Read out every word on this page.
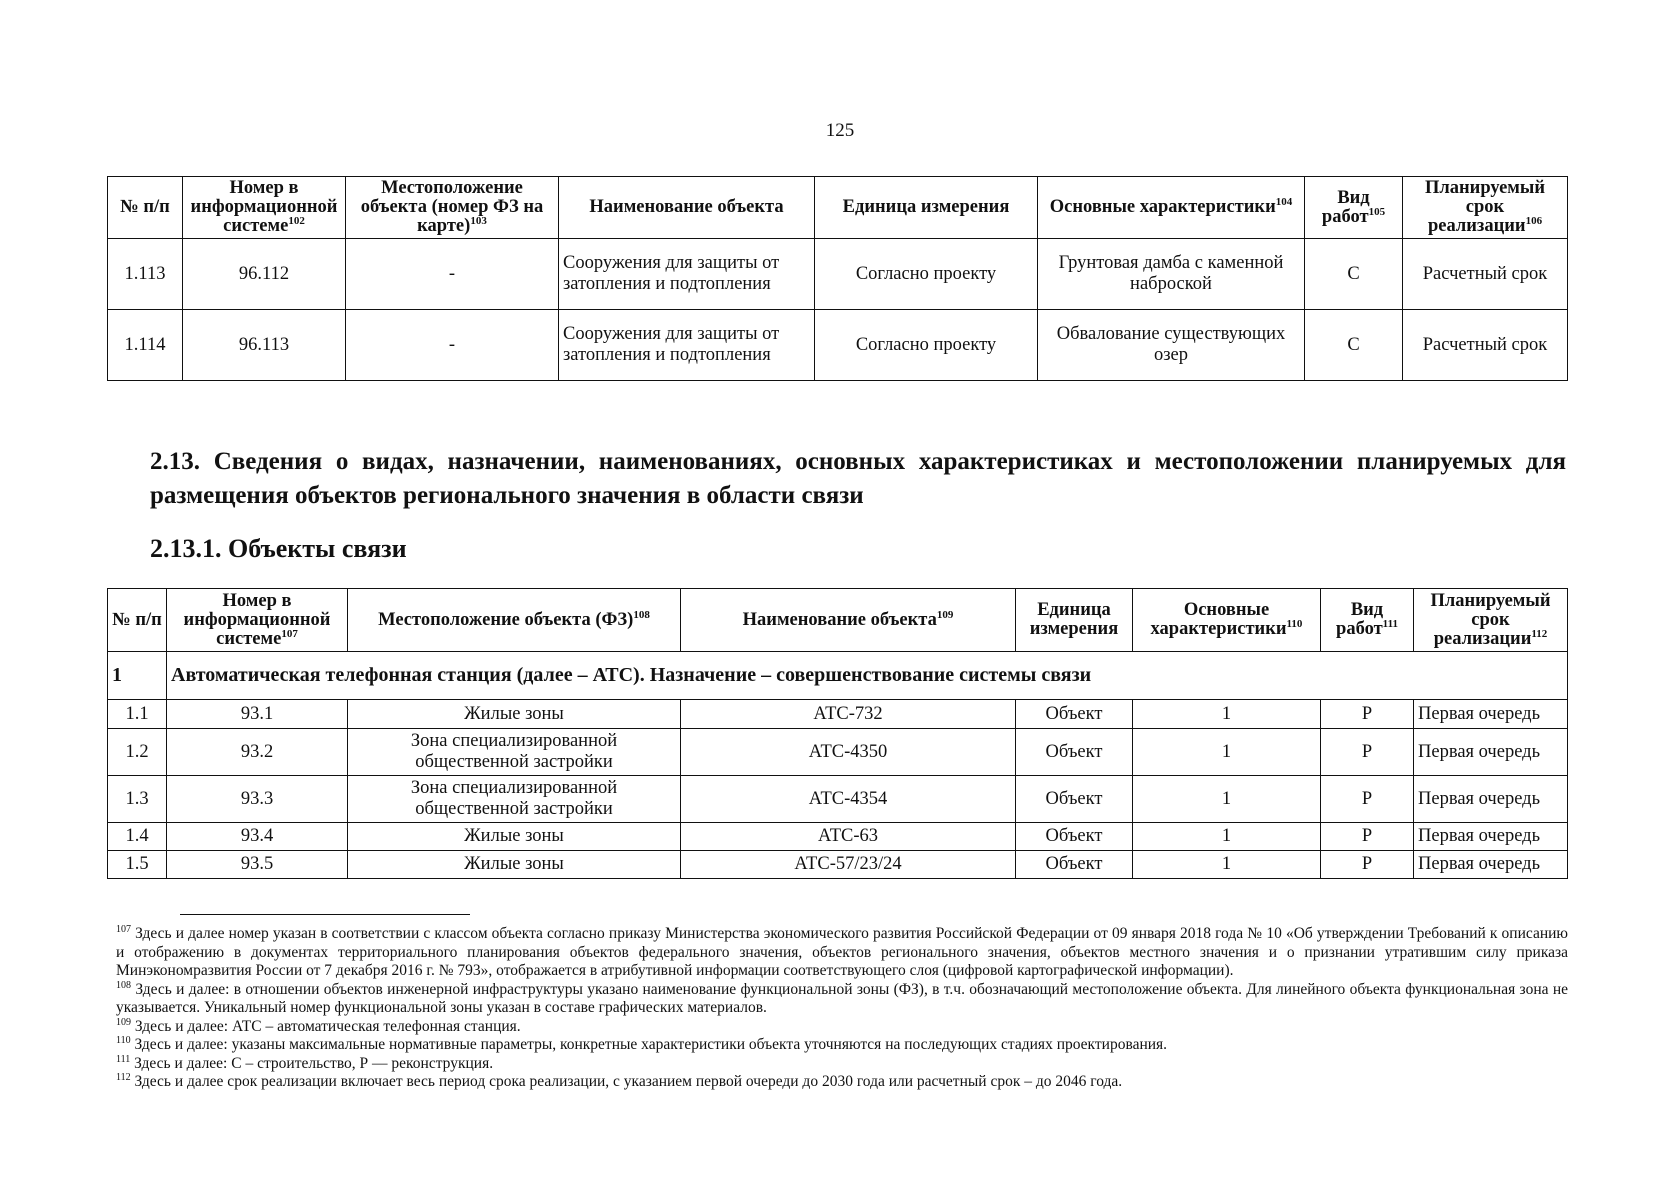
125
№ п/п	Номер в информационной системе$^{102}$	Местоположение объекта (номер ФЗ на карте)$^{103}$	Наименование объекта	Единица измерения	Основные характеристики$^{104}$	Вид работ$^{105}$	Планируемый срок реализации$^{106}$
1.113	96.112	-	Сооружения для защиты от затопления и подтопления	Согласно проекту	Грунтовая дамба с каменной наброской	С	Расчетный срок
1.114	96.113	-	Сооружения для защиты от затопления и подтопления	Согласно проекту	Обвалование существующих озер	С	Расчетный срок
2.13. Сведения о видах, назначении, наименованиях, основных характеристиках и местоположении планируемых для размещения объектов регионального значения в области связи
2.13.1. Объекты связи
№ п/п	Номер в информационной системе$^{107}$	Местоположение объекта (ФЗ)$^{108}$	Наименование объекта$^{109}$	Единица измерения	Основные характеристики$^{110}$	Вид работ$^{111}$	Планируемый срок реализации$^{112}$
1	Автоматическая телефонная станция (далее – АТС). Назначение – совершенствование системы связи						
1.1	93.1	Жилые зоны	АТС-732	Объект	1	Р	Первая очередь
1.2	93.2	Зона специализированной общественной застройки	АТС-4350	Объект	1	Р	Первая очередь
1.3	93.3	Зона специализированной общественной застройки	АТС-4354	Объект	1	Р	Первая очередь
1.4	93.4	Жилые зоны	АТС-63	Объект	1	Р	Первая очередь
1.5	93.5	Жилые зоны	АТС-57/23/24	Объект	1	Р	Первая очередь

$^{107}$ Здесь и далее номер указан в соответствии с классом объекта согласно приказу Министерства экономического развития Российской Федерации от 09 января 2018 года № 10 «Об утверждении Требований к описанию и отображению в документах территориального планирования объектов федерального значения, объектов регионального значения, объектов местного значения и о признании утратившим силу приказа Минэкономразвития России от 7 декабря 2016 г. № 793», отображается в атрибутивной информации соответствующего слоя (цифровой картографической информации).

$^{108}$ Здесь и далее: в отношении объектов инженерной инфраструктуры указано наименование функциональной зоны (ФЗ), в т.ч. обозначающий местоположение объекта. Для линейного объекта функциональная зона не указывается. Уникальный номер функциональной зоны указан в составе графических материалов.

$^{109}$ Здесь и далее: АТС – автоматическая телефонная станция.

$^{110}$ Здесь и далее: указаны максимальные нормативные параметры, конкретные характеристики объекта уточняются на последующих стадиях проектирования.

$^{111}$ Здесь и далее: С – строительство, Р — реконструкция.

$^{112}$ Здесь и далее срок реализации включает весь период срока реализации, с указанием первой очереди до 2030 года или расчетный срок – до 2046 года.
